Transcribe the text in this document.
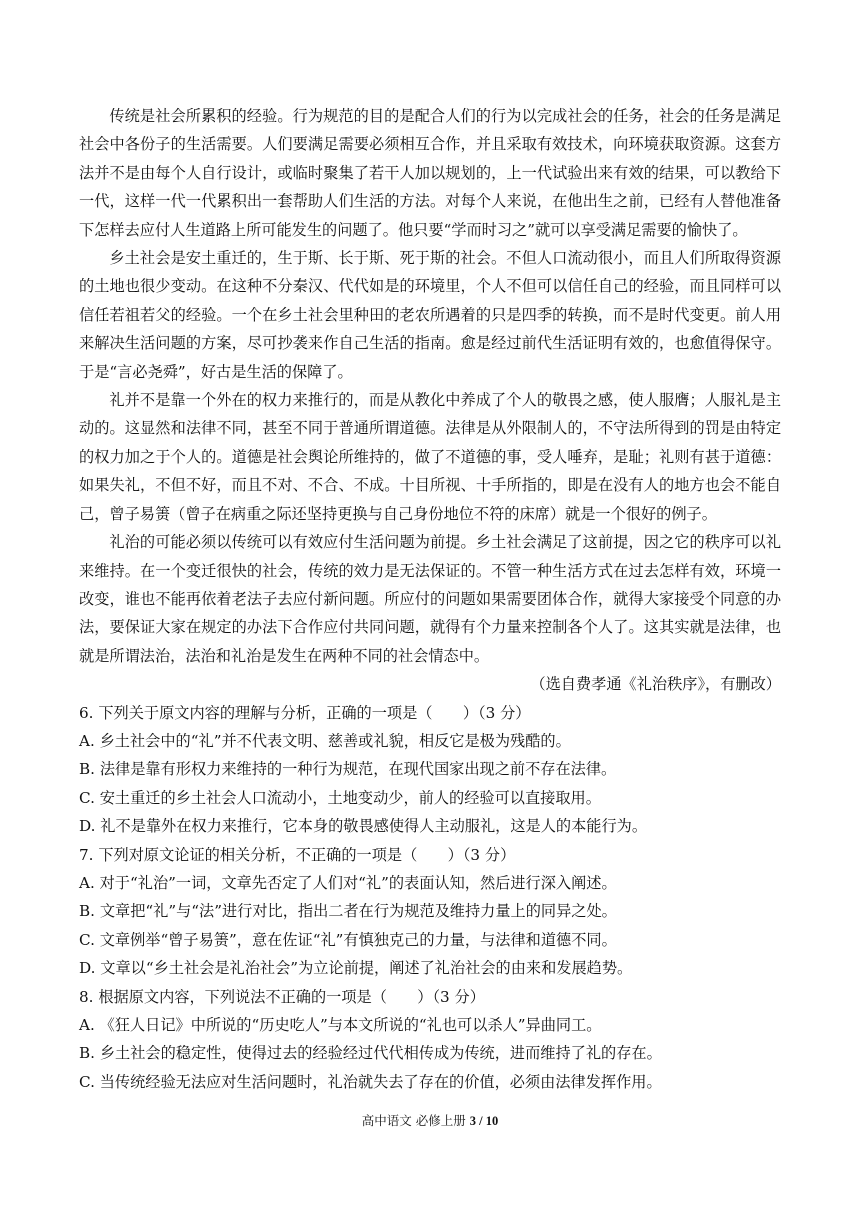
传统是社会所累积的经验。行为规范的目的是配合人们的行为以完成社会的任务，社会的任务是满足社会中各份子的生活需要。人们要满足需要必须相互合作，并且采取有效技术，向环境获取资源。这套方法并不是由每个人自行设计，或临时聚集了若干人加以规划的，上一代试验出来有效的结果，可以教给下一代，这样一代一代累积出一套帮助人们生活的方法。对每个人来说，在他出生之前，已经有人替他准备下怎样去应付人生道路上所可能发生的问题了。他只要“学而时习之”就可以享受满足需要的愉快了。

乡土社会是安土重迁的，生于斯、长于斯、死于斯的社会。不但人口流动很小，而且人们所取得资源的土地也很少变动。在这种不分秦汉、代代如是的环境里，个人不但可以信任自己的经验，而且同样可以信任若祖若父的经验。一个在乡土社会里种田的老农所遇着的只是四季的转换，而不是时代变更。前人用来解决生活问题的方案，尽可抄袭来作自己生活的指南。愈是经过前代生活证明有效的，也愈值得保守。于是“言必尧舜”，好古是生活的保障了。

礼并不是靠一个外在的权力来推行的，而是从教化中养成了个人的敬畏之感，使人服膺；人服礼是主动的。这显然和法律不同，甚至不同于普通所谓道德。法律是从外限制人的，不守法所得到的罚是由特定的权力加之于个人的。道德是社会舆论所维持的，做了不道德的事，受人唾弃，是耻；礼则有甚于道德：如果失礼，不但不好，而且不对、不合、不成。十目所视、十手所指的，即是在没有人的地方也会不能自己，曾子易箦（曾子在病重之际还坚持更换与自己身份地位不符的床席）就是一个很好的例子。

礼治的可能必须以传统可以有效应付生活问题为前提。乡土社会满足了这前提，因之它的秩序可以礼来维持。在一个变迁很快的社会，传统的效力是无法保证的。不管一种生活方式在过去怎样有效，环境一改变，谁也不能再依着老法子去应付新问题。所应付的问题如果需要团体合作，就得大家接受个同意的办法，要保证大家在规定的办法下合作应付共同问题，就得有个力量来控制各个人了。这其实就是法律，也就是所谓法治，法治和礼治是发生在两种不同的社会情态中。

（选自费孝通《礼治秩序》，有删改）

6. 下列关于原文内容的理解与分析，正确的一项是（　　）（3 分）

A. 乡土社会中的“礼”并不代表文明、慈善或礼貌，相反它是极为残酷的。

B. 法律是靠有形权力来维持的一种行为规范，在现代国家出现之前不存在法律。

C. 安土重迁的乡土社会人口流动小，土地变动少，前人的经验可以直接取用。

D. 礼不是靠外在权力来推行，它本身的敬畏感使得人主动服礼，这是人的本能行为。

7. 下列对原文论证的相关分析，不正确的一项是（　　）（3 分）

A. 对于“礼治”一词，文章先否定了人们对“礼”的表面认知，然后进行深入阐述。

B. 文章把“礼”与“法”进行对比，指出二者在行为规范及维持力量上的同异之处。

C. 文章例举“曾子易箦”，意在佐证“礼”有慎独克己的力量，与法律和道德不同。

D. 文章以“乡土社会是礼治社会”为立论前提，阐述了礼治社会的由来和发展趋势。

8. 根据原文内容，下列说法不正确的一项是（　　）（3 分）

A. 《狂人日记》中所说的“历史吃人”与本文所说的“礼也可以杀人”异曲同工。

B. 乡土社会的稳定性，使得过去的经验经过代代相传成为传统，进而维持了礼的存在。

C. 当传统经验无法应对生活问题时，礼治就失去了存在的价值，必须由法律发挥作用。

高中语文 必修上册 3 / 10
